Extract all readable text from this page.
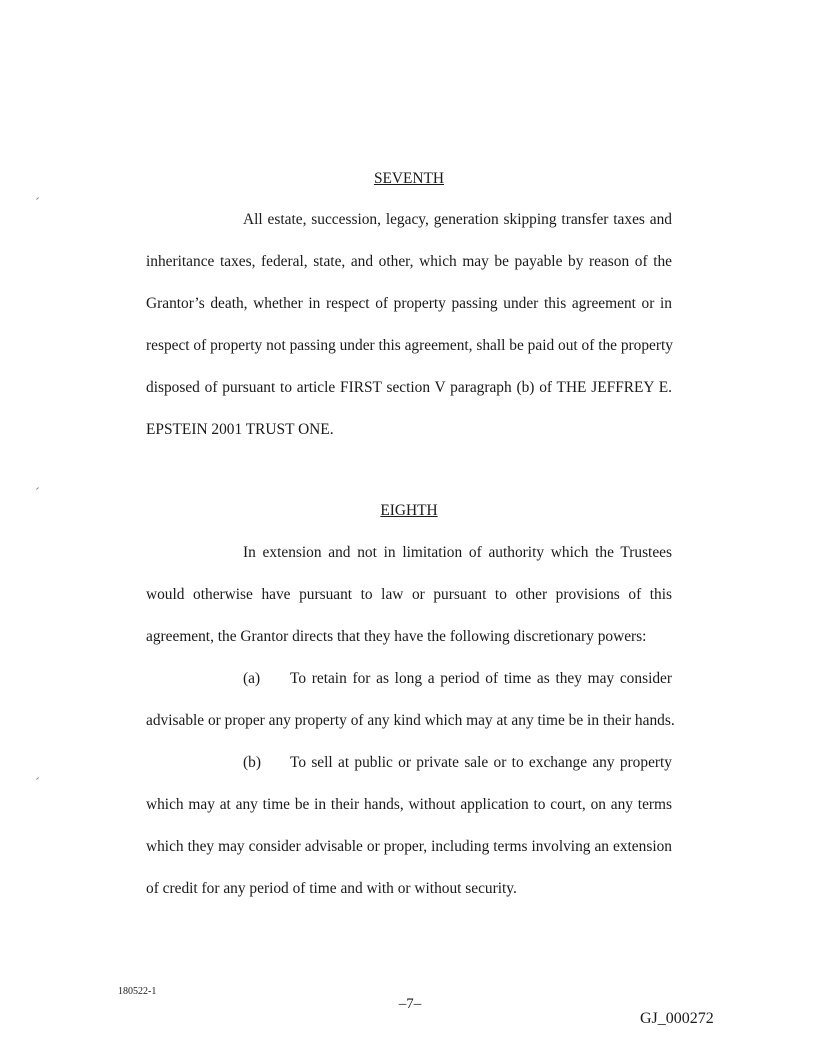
SEVENTH
All estate, succession, legacy, generation skipping transfer taxes and
inheritance taxes, federal, state, and other, which may be payable by reason of the
Grantor’s death, whether in respect of property passing under this agreement or in
respect of property not passing under this agreement, shall be paid out of the property
disposed of pursuant to article FIRST section V paragraph (b) of THE JEFFREY E.
EPSTEIN 2001 TRUST ONE.
EIGHTH
In extension and not in limitation of authority which the Trustees
would otherwise have pursuant to law or pursuant to other provisions of this
agreement, the Grantor directs that they have the following discretionary powers:
(a)	To retain for as long a period of time as they may consider
advisable or proper any property of any kind which may at any time be in their hands.
(b)	To sell at public or private sale or to exchange any property
which may at any time be in their hands, without application to court, on any terms
which they may consider advisable or proper, including terms involving an extension
of credit for any period of time and with or without security.
180522-1
–7–
GJ_000272
